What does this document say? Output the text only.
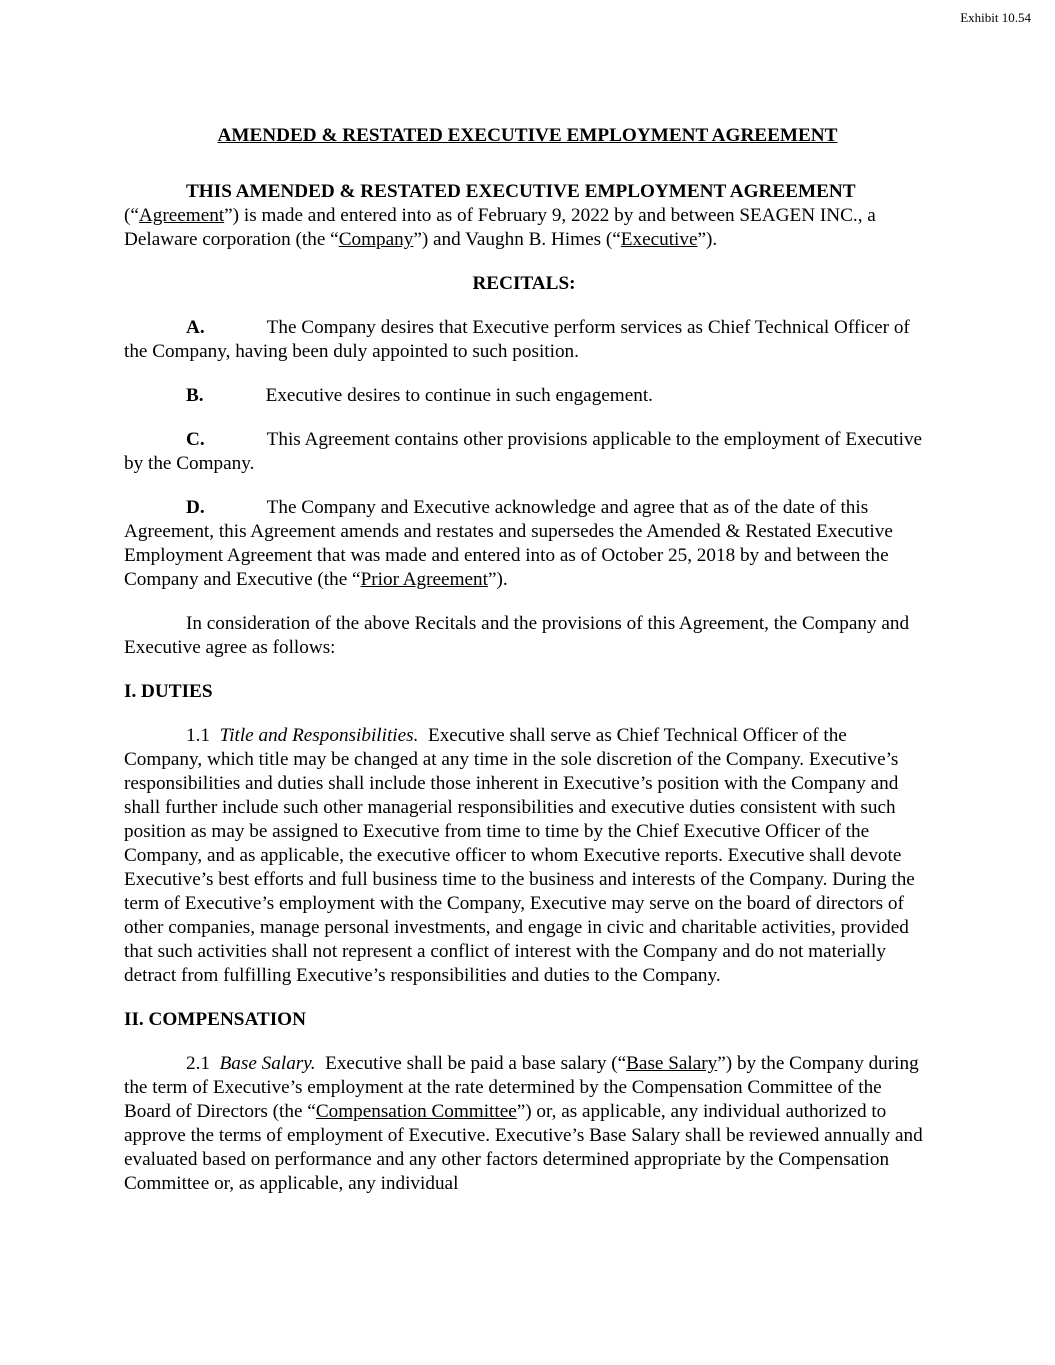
Exhibit 10.54
AMENDED & RESTATED EXECUTIVE EMPLOYMENT AGREEMENT

THIS AMENDED & RESTATED EXECUTIVE EMPLOYMENT AGREEMENT
(“Agreement”) is made and entered into as of February 9, 2022 by and between SEAGEN INC., a Delaware corporation (the “Company”) and Vaughn B. Himes (“Executive”).

RECITALS:

A.	The Company desires that Executive perform services as Chief Technical Officer of the Company, having been duly appointed to such position.

B.	Executive desires to continue in such engagement.

C.	This Agreement contains other provisions applicable to the employment of Executive by the Company.

D.	The Company and Executive acknowledge and agree that as of the date of this Agreement, this Agreement amends and restates and supersedes the Amended & Restated Executive Employment Agreement that was made and entered into as of October 25, 2018 by and between the Company and Executive (the “Prior Agreement”).

In consideration of the above Recitals and the provisions of this Agreement, the Company and Executive agree as follows:

I. DUTIES

1.1 Title and Responsibilities. Executive shall serve as Chief Technical Officer of the Company, which title may be changed at any time in the sole discretion of the Company. Executive’s responsibilities and duties shall include those inherent in Executive’s position with the Company and shall further include such other managerial responsibilities and executive duties consistent with such position as may be assigned to Executive from time to time by the Chief Executive Officer of the Company, and as applicable, the executive officer to whom Executive reports. Executive shall devote Executive’s best efforts and full business time to the business and interests of the Company. During the term of Executive’s employment with the Company, Executive may serve on the board of directors of other companies, manage personal investments, and engage in civic and charitable activities, provided that such activities shall not represent a conflict of interest with the Company and do not materially detract from fulfilling Executive’s responsibilities and duties to the Company.

II. COMPENSATION

2.1 Base Salary. Executive shall be paid a base salary (“Base Salary”) by the Company during the term of Executive’s employment at the rate determined by the Compensation Committee of the Board of Directors (the “Compensation Committee”) or, as applicable, any individual authorized to approve the terms of employment of Executive. Executive’s Base Salary shall be reviewed annually and evaluated based on performance and any other factors determined appropriate by the Compensation Committee or, as applicable, any individual
